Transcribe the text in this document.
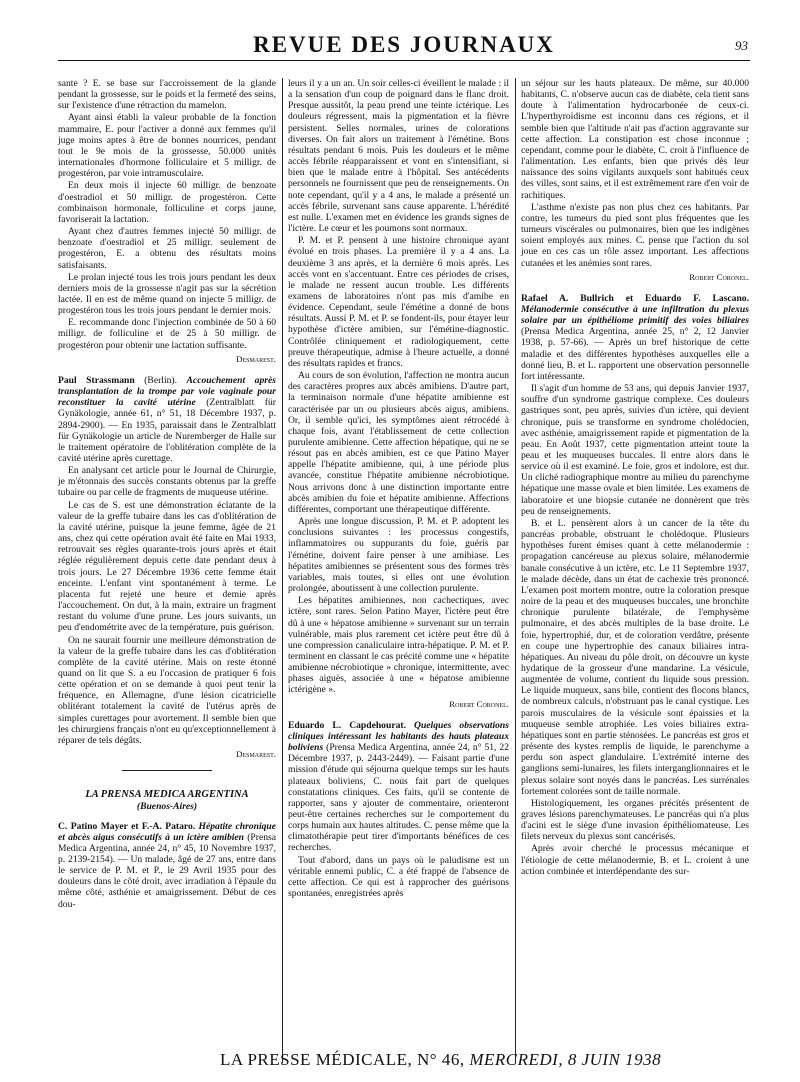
REVUE DES JOURNAUX	93

sante ? E. se base sur l'accroissement de la glande pendant la grossesse, sur le poids et la fermeté des seins, sur l'existence d'une rétraction du mamelon.

Ayant ainsi établi la valeur probable de la fonction mammaire, E. pour l'activer a donné aux femmes qu'il juge moins aptes à être de bonnes nourrices, pendant tout le 9e mois de la grossesse, 50.000 unités internationales d'hormone folliculaire et 5 milligr. de progestéron, par voie intramusculaire.

En deux mois il injecte 60 milligr. de benzoate d'oestradiol et 50 milligr. de progestéron. Cette combinaison hormonale, folliculine et corps jaune, favoriserait la lactation.

Ayant chez d'autres femmes injecté 50 milligr. de benzoate d'oestradiol et 25 milligr. seulement de progestéron, E. a obtenu des résultats moins satisfaisants.

Le prolan injecté tous les trois jours pendant les deux derniers mois de la grossesse n'agit pas sur la sécrétion lactée. Il en est de même quand on injecte 5 milligr. de progestéron tous les trois jours pendant le dernier mois.

E. recommande donc l'injection combinée de 50 à 60 milligr. de folliculine et de 25 à 50 milligr. de progestéron pour obtenir une lactation suffisante.

Desmarest.

Paul Strassmann (Berlin). Accouchement après transplantation de la trompe par voie vaginale pour reconstituer la cavité utérine (Zentralblatt für Gynäkologie, année 61, n° 51, 18 Décembre 1937, p. 2894-2900). — En 1935, paraissait dans le Zentralblatt für Gynäkologie un article de Nuremberger de Halle sur le traitement opératoire de l'oblitération complète de la cavité utérine après curettage.

En analysant cet article pour le Journal de Chirurgie, je m'étonnais des succès constants obtenus par la greffe tubaire ou par celle de fragments de muqueuse utérine.

Le cas de S. est une démonstration éclatante de la valeur de la greffe tubaire dans les cas d'oblitération de la cavité utérine, puisque la jeune femme, âgée de 21 ans, chez qui cette opération avait été faite en Mai 1933, retrouvait ses règles quarante-trois jours après et était réglée régulièrement depuis cette date pendant deux à trois jours. Le 27 Décembre 1936 cette femme était enceinte. L'enfant vint spontanément à terme. Le placenta fut rejeté une heure et demie après l'accouchement. On dut, à la main, extraire un fragment restant du volume d'une prune. Les jours suivants, un peu d'endométrite avec de la température, puis guérison.

On ne saurait fournir une meilleure démonstration de la valeur de la greffe tubaire dans les cas d'oblitération complète de la cavité utérine. Mais on reste étonné quand on lit que S. a eu l'occasion de pratiquer 6 fois cette opération et on se demande à quoi peut tenir la fréquence, en Allemagne, d'une lésion cicatricielle oblitérant totalement la cavité de l'utérus après de simples curettages pour avortement. Il semble bien que les chirurgiens français n'ont eu qu'exceptionnellement à réparer de tels dégâts.

Desmarest.

LA PRENSA MEDICA ARGENTINA

(Buenos-Aires)

C. Patino Mayer et F.-A. Pataro. Hépatite chronique et abcès aigus consécutifs à un ictère amibien (Prensa Medica Argentina, année 24, n° 45, 10 Novembre 1937, p. 2139-2154). — Un malade, âgé de 27 ans, entre dans le service de P. M. et P., le 29 Avril 1935 pour des douleurs dans le côté droit, avec irradiation à l'épaule du même côté, asthénie et amaigrissement. Début de ces dou-

leurs il y a un an. Un soir celles-ci éveillent le malade : il a la sensation d'un coup de poignard dans le flanc droit. Presque aussitôt, la peau prend une teinte ictérique. Les douleurs régressent, mais la pigmentation et la fièvre persistent. Selles normales, urines de colorations diverses. On fait alors un traitement à l'émétine. Bons résultats pendant 6 mois. Puis les douleurs et le même accès fébrile réapparaissent et vont en s'intensifiant, si bien que le malade entre à l'hôpital. Ses antécédents personnels ne fournissent que peu de renseignements. On note cependant, qu'il y a 4 ans, le malade a présenté un accès fébrile, survenant sans cause apparente. L'hérédité est nulle. L'examen met en évidence les grands signes de l'ictère. Le cœur et les poumons sont normaux.

P. M. et P. pensent à une histoire chronique ayant évolué en trois phases. La première il y a 4 ans. La deuxième 3 ans après, et la dernière 6 mois après. Les accès vont en s'accentuant. Entre ces périodes de crises, le malade ne ressent aucun trouble. Les différents examens de laboratoires n'ont pas mis d'amibe en évidence. Cependant, seule l'émétine a donné de bons résultats. Aussi P. M. et P. se fondent-ils, pour étayer leur hypothèse d'ictère amibien, sur l'émétine-diagnostic. Contrôlée cliniquement et radiologiquement, cette preuve thérapeutique, admise à l'heure actuelle, a donné des résultats rapides et francs.

Au cours de son évolution, l'affection ne montra aucun des caractères propres aux abcès amibiens. D'autre part, la terminaison normale d'une hépatite amibienne est caractérisée par un ou plusieurs abcès aigus, amibiens. Or, il semble qu'ici, les symptômes aient rétrocédé à chaque fois, avant l'établissement de cette collection purulente amibienne. Cette affection hépatique, qui ne se résout pas en abcès amibien, est ce que Patino Mayer appelle l'hépatite amibienne, qui, à une période plus avancée, constitue l'hépatite amibienne nécrobiotique. Nous arrivons donc à une distinction importante entre abcès amibien du foie et hépatite amibienne. Affections différentes, comportant une thérapeutique différente.

Après une longue discussion, P. M. et P. adoptent les conclusions suivantes : les processus congestifs, inflammatoires ou suppurants du foie, guéris par l'émétine, doivent faire penser à une amibiase. Les hépatites amibiennes se présentent sous des formes très variables, mais toutes, si elles ont une évolution prolongée, aboutissent à une collection purulente.

Les hépatites amibiennes, non cachectiques, avec ictère, sont rares. Selon Patino Mayer, l'ictère peut être dû à une « hépatose amibienne » survenant sur un terrain vulnérable, mais plus rarement cet ictère peut être dû à une compression canaliculaire intra-hépatique. P. M. et P. terminent en classant le cas précité comme une « hépatite amibienne nécrobiotique » chronique, intermittente, avec phases aiguës, associée à une « hépatose amibienne ictérigène ».

Robert Coronel.

Eduardo L. Capdehourat. Quelques observations cliniques intéressant les habitants des hauts plateaux boliviens (Prensa Medica Argentina, année 24, n° 51, 22 Décembre 1937, p. 2443-2449). — Faisant partie d'une mission d'étude qui séjourna quelque temps sur les hauts plateaux boliviens, C. nous fait part de quelques constatations cliniques. Ces faits, qu'il se contente de rapporter, sans y ajouter de commentaire, orienteront peut-être certaines recherches sur le comportement du corps humain aux hautes altitudes. C. pense même que la climatothérapie peut tirer d'importants bénéfices de ces recherches.

Tout d'abord, dans un pays où le paludisme est un véritable ennemi public, C. a été frappé de l'absence de cette affection. Ce qui est à rapprocher des guérisons spontanées, enregistrées après

un séjour sur les hauts plateaux. De même, sur 40.000 habitants, C. n'observe aucun cas de diabète, cela tient sans doute à l'alimentation hydrocarbonée de ceux-ci. L'hyperthyroïdisme est inconnu dans ces régions, et il semble bien que l'altitude n'ait pas d'action aggravante sur cette affection. La constipation est chose inconnue ; cependant, comme pour le diabète, C. croit à l'influence de l'alimentation. Les enfants, bien que privés dès leur naissance des soins vigilants auxquels sont habitués ceux des villes, sont sains, et il est extrêmement rare d'en voir de rachitiques.

L'asthme n'existe pas non plus chez ces habitants. Par contre, les tumeurs du pied sont plus fréquentes que les tumeurs viscérales ou pulmonaires, bien que les indigènes soient employés aux mines. C. pense que l'action du sol joue en ces cas un rôle assez important. Les affections cutanées et les anémies sont rares.

Robert Coronel.

Rafael A. Bullrich et Eduardo F. Lascano. Mélanodermie consécutive à une infiltration du plexus solaire par un épithéliome primitif des voies biliaires (Prensa Medica Argentina, année 25, n° 2, 12 Janvier 1938, p. 57-66). — Après un bref historique de cette maladie et des différentes hypothèses auxquelles elle a donné lieu, B. et L. rapportent une observation personnelle fort intéressante.

Il s'agit d'un homme de 53 ans, qui depuis Janvier 1937, souffre d'un syndrome gastrique complexe. Ces douleurs gastriques sont, peu après, suivies d'un ictère, qui devient chronique, puis se transforme en syndrome cholédocien, avec asthénie, amaigrissement rapide et pigmentation de la peau. En Août 1937, cette pigmentation atteint toute la peau et les muqueuses buccales. Il entre alors dans le service où il est examiné. Le foie, gros et indolore, est dur. Un cliché radiographique montre au milieu du parenchyme hépatique une masse ovale et bien limitée. Les examens de laboratoire et une biopsie cutanée ne donnèrent que très peu de renseignements.

B. et L. pensèrent alors à un cancer de la tête du pancréas probable, obstruant le cholédoque. Plusieurs hypothèses furent émises quant à cette mélanodermie : propagation cancéreuse au plexus solaire, mélanodermie banale consécutive à un ictère, etc. Le 11 Septembre 1937, le malade décède, dans un état de cachexie très prononcé. L'examen post mortem montre, outre la coloration presque noire de la peau et des muqueuses buccales, une bronchite chronique purulente bilatérale, de l'emphysème pulmonaire, et des abcès multiples de la base droite. Le foie, hypertrophié, dur, et de coloration verdâtre, présente en coupe une hypertrophie des canaux biliaires intra-hépatiques. Au niveau du pôle droit, on découvre un kyste hydatique de la grosseur d'une mandarine. La vésicule, augmentée de volume, contient du liquide sous pression. Le liquide muqueux, sans bile, contient des flocons blancs, de nombreux calculs, n'obstruant pas le canal cystique. Les parois musculaires de la vésicule sont épaissies et la muqueuse semble atrophiée. Les voies biliaires extra-hépatiques sont en partie sténosées. Le pancréas est gros et présente des kystes remplis de liquide, le parenchyme a perdu son aspect glandulaire. L'extrémité interne des ganglions semi-lunaires, les filets interganglionnaires et le plexus solaire sont noyés dans le pancréas. Les surrénales fortement colorées sont de taille normale.

Histologiquement, les organes précités présentent de graves lésions parenchymateuses. Le pancréas qui n'a plus d'acini est le siège d'une invasion épithéliomateuse. Les filets nerveux du plexus sont cancérisés.

Après avoir cherché le processus mécanique et l'étiologie de cette mélanodermie, B. et L. croient à une action combinée et interdépendante des sur-

LA PRESSE MÉDICALE, N° 46, MERCREDI, 8 JUIN 1938
